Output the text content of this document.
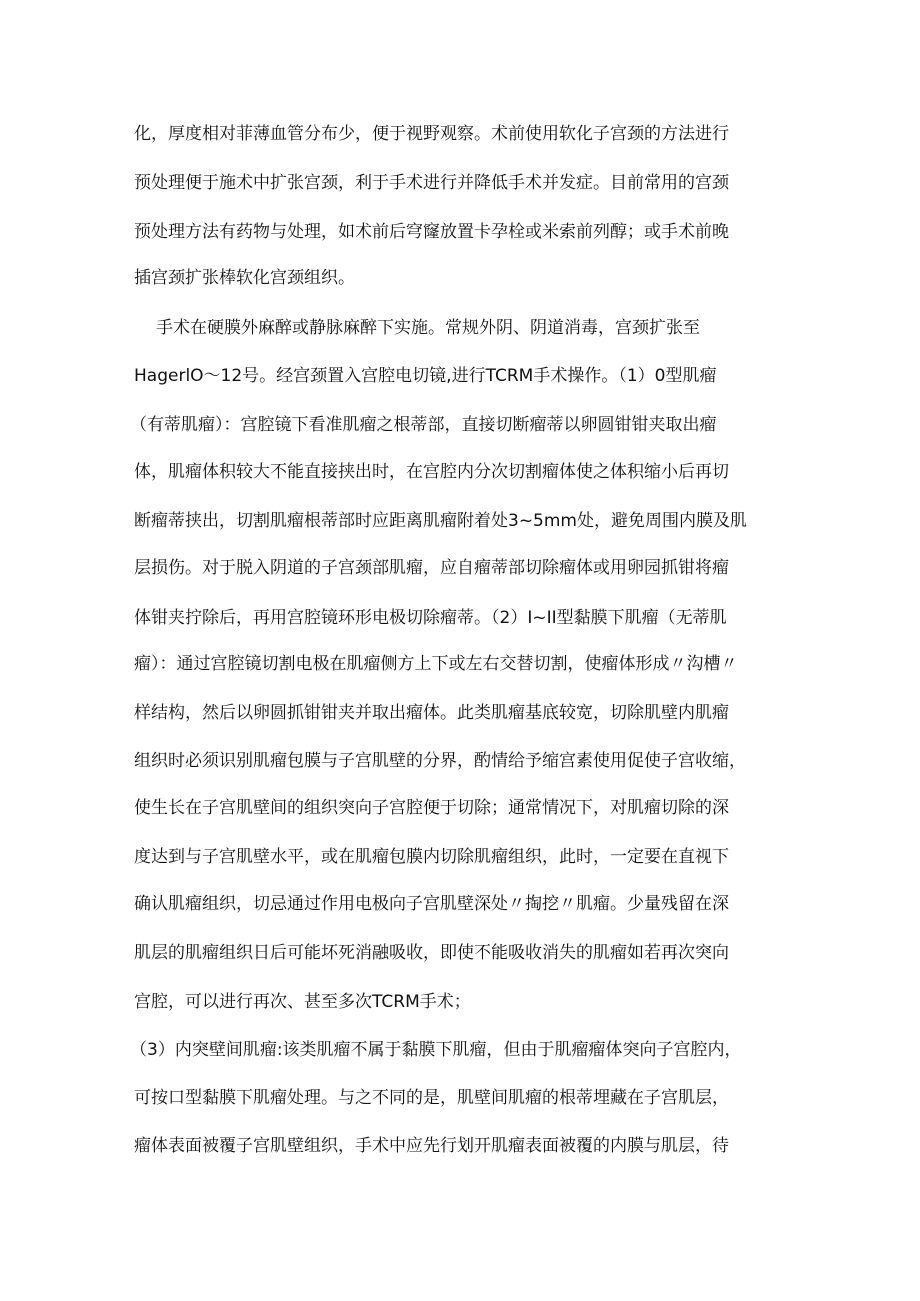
化，厚度相对菲薄血管分布少，便于视野观察。术前使用软化子宫颈的方法进行
预处理便于施术中扩张宫颈，利于手术进行并降低手术并发症。目前常用的宫颈
预处理方法有药物与处理，如术前后穹窿放置卡孕栓或米索前列醇；或手术前晚
插宫颈扩张棒软化宫颈组织。
手术在硬膜外麻醉或静脉麻醉下实施。常规外阴、阴道消毒，宫颈扩张至
HagerlO～12号。经宫颈置入宫腔电切镜,进行TCRM手术操作。（1）0型肌瘤
（有蒂肌瘤）：宫腔镜下看准肌瘤之根蒂部，直接切断瘤蒂以卵圆钳钳夹取出瘤
体，肌瘤体积较大不能直接挟出时，在宫腔内分次切割瘤体使之体积缩小后再切
断瘤蒂挟出，切割肌瘤根蒂部时应距离肌瘤附着处3~5mm处，避免周围内膜及肌
层损伤。对于脱入阴道的子宫颈部肌瘤，应自瘤蒂部切除瘤体或用卵园抓钳将瘤
体钳夹拧除后，再用宫腔镜环形电极切除瘤蒂。（2）I~II型黏膜下肌瘤（无蒂肌
瘤）：通过宫腔镜切割电极在肌瘤侧方上下或左右交替切割，使瘤体形成〃沟槽〃
样结构，然后以卵圆抓钳钳夹并取出瘤体。此类肌瘤基底较宽，切除肌壁内肌瘤
组织时必须识别肌瘤包膜与子宫肌壁的分界，酌情给予缩宫素使用促使子宫收缩，
使生长在子宫肌壁间的组织突向子宫腔便于切除；通常情况下，对肌瘤切除的深
度达到与子宫肌壁水平，或在肌瘤包膜内切除肌瘤组织，此时，一定要在直视下
确认肌瘤组织，切忌通过作用电极向子宫肌壁深处〃掏挖〃肌瘤。少量残留在深
肌层的肌瘤组织日后可能坏死消融吸收，即使不能吸收消失的肌瘤如若再次突向
宫腔，可以进行再次、甚至多次TCRM手术；
（3）内突壁间肌瘤:该类肌瘤不属于黏膜下肌瘤，但由于肌瘤瘤体突向子宫腔内，
可按口型黏膜下肌瘤处理。与之不同的是，肌壁间肌瘤的根蒂埋藏在子宫肌层，
瘤体表面被覆子宫肌壁组织，手术中应先行划开肌瘤表面被覆的内膜与肌层，待
